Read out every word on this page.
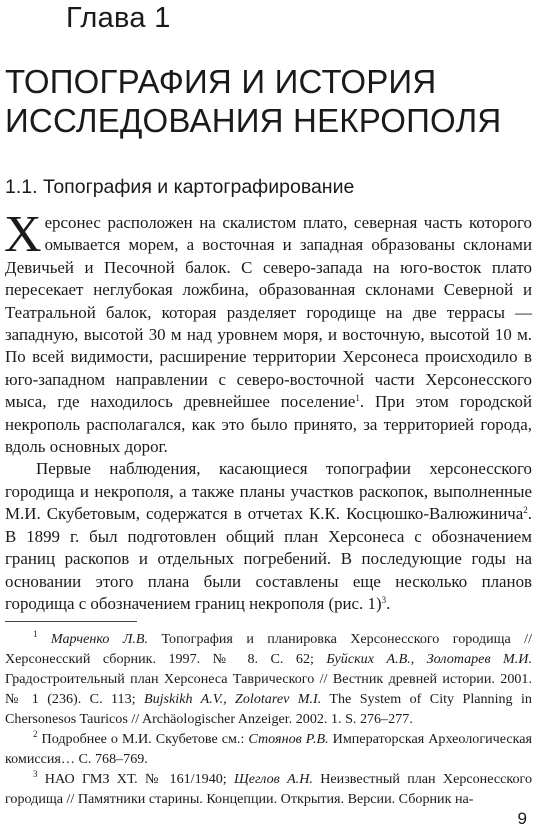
Глава 1
ТОПОГРАФИЯ И ИСТОРИЯ
ИССЛЕДОВАНИЯ НЕКРОПОЛЯ
1.1. Топография и картографирование

Херсонес расположен на скалистом плато, северная часть которого омывается морем, а восточная и западная образованы склонами Девичьей и Песочной балок. С северо-запада на юго-восток плато пересекает неглубокая ложбина, образованная склонами Северной и Театральной балок, которая разделяет городище на две террасы — западную, высотой 30 м над уровнем моря, и восточную, высотой 10 м. По всей видимости, расширение территории Херсонеса происходило в юго-западном направлении с северо-восточной части Херсонесского мыса, где находилось древнейшее поселение$^1$. При этом городской некрополь располагался, как это было принято, за территорией города, вдоль основных дорог.

Первые наблюдения, касающиеся топографии херсонесского городища и некрополя, а также планы участков раскопок, выполненные М.И. Скубетовым, содержатся в отчетах К.К. Косцюшко-Валюжинича$^2$. В 1899 г. был подготовлен общий план Херсонеса с обозначением границ раскопов и отдельных погребений. В последующие годы на основании этого плана были составлены еще несколько планов городища с обозначением границ некрополя (рис. 1)$^3$.

$^1$ Марченко Л.В. Топография и планировка Херсонесского городища // Херсонесский сборник. 1997. № 8. С. 62; Буйских А.В., Золотарев М.И. Градостроительный план Херсонеса Таврического // Вестник древней истории. 2001. № 1 (236). С. 113; Bujskikh A.V., Zolotarev M.I. The System of City Planning in Chersonesos Tauricos // Archäologischer Anzeiger. 2002. 1. S. 276–277.

$^2$ Подробнее о М.И. Скубетове см.: Стоянов Р.В. Императорская Археологическая комиссия… С. 768–769.

$^3$ НАО ГМЗ ХТ. № 161/1940; Щеглов А.Н. Неизвестный план Херсонесского городища // Памятники старины. Концепции. Открытия. Версии. Сборник на-

9
